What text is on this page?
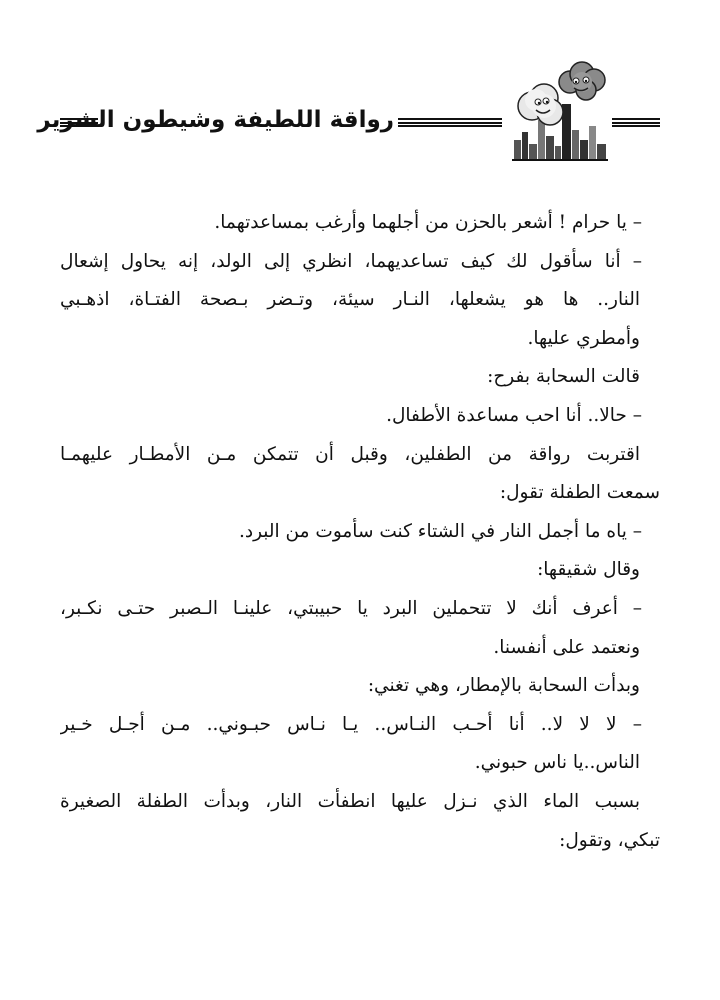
رواقة اللطيفة وشيطون الشرير
– يا حرام ! أشعر بالحزن من أجلهما وأرغب بمساعدتهما.
– أنا سأقول لك كيف تساعديهما، انظري إلى الولد، إنه يحاول إشعال
النار.. ها هو يشعلها، النـار سيئة، وتـضر بـصحة الفتـاة، اذهـبي
وأمطري عليها.
قالت السحابة بفرح:
– حالا.. أنا احب مساعدة الأطفال.
اقتربت رواقة من الطفلين، وقبل أن تتمكن مـن الأمطـار عليهمـا
سمعت الطفلة تقول:
– ياه ما أجمل النار في الشتاء كنت سأموت من البرد.
وقال شقيقها:
– أعرف أنك لا تتحملين البرد يا حبيبتي، علينـا الـصبر حتـى نكـبر،
ونعتمد على أنفسنا.
وبدأت السحابة بالإمطار، وهي تغني:
– لا لا لا.. أنا أحـب النـاس.. يـا نـاس حبـوني.. مـن أجـل خـير
الناس..يا ناس حبوني.
بسبب الماء الذي نـزل عليها انطفأت النار، وبدأت الطفلة الصغيرة
تبكي، وتقول:
